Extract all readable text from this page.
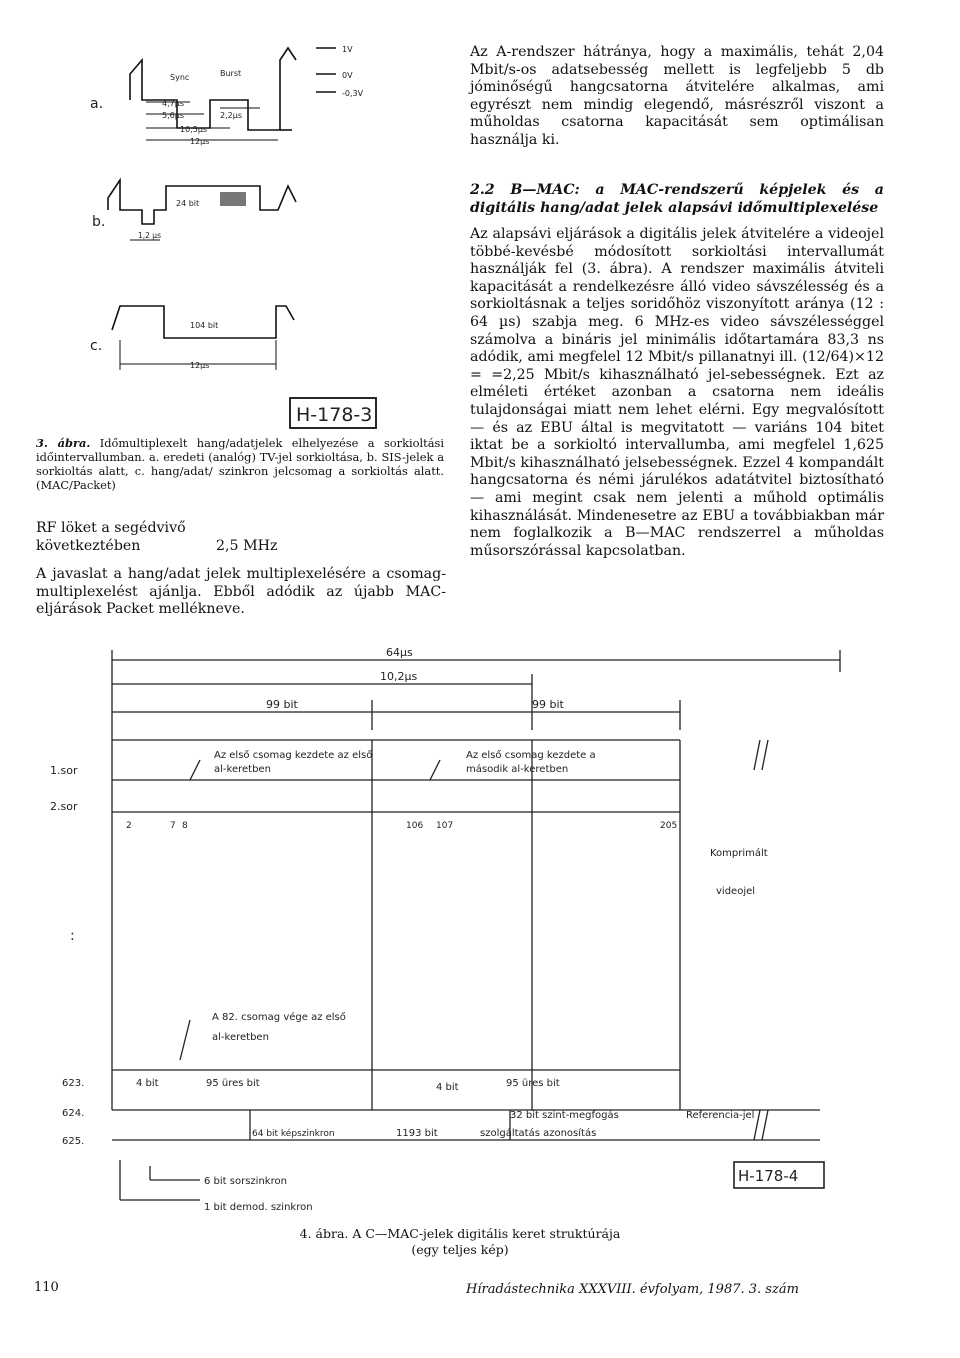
a.
Sync	Burst
1V
0V
-0,3V
4,7µs
5,6µs	2,2µs
10,5µs
12µs
b.
24 bit
1,2 µs
c.
104 bit
12µs
H-178-3
3. ábra. Időmultiplexelt hang/adatjelek elhelyezése a sorkioltási időintervallumban. a. eredeti (analóg) TV-jel sorkioltása, b. SIS-jelek a sorkioltás alatt, c. hang/adat/ szinkron jelcsomag a sorkioltás alatt. (MAC/Packet)
RF löket a segédvivő következtében	2,5 MHz
A javaslat a hang/adat jelek multiplexelésére a csomag-multiplexelést ajánlja. Ebből adódik az újabb MAC-eljárások Packet mellékneve.
Az A-rendszer hátránya, hogy a maximális, tehát 2,04 Mbit/s-os adatsebesség mellett is legfeljebb 5 db jóminőségű hangcsatorna átvitelére alkalmas, ami egyrészt nem mindig elegendő, másrészről viszont a műholdas csatorna kapacitását sem optimálisan használja ki.
2.2 B—MAC: a MAC-rendszerű képjelek és a digitális hang/adat jelek alapsávi időmultiplexelése
Az alapsávi eljárások a digitális jelek átvitelére a videojel többé-kevésbé módosított sorkioltási intervallumát használják fel (3. ábra). A rendszer maximális átviteli kapacitását a rendelkezésre álló video sávszélesség és a sorkioltásnak a teljes soridőhöz viszonyított aránya (12 : 64 µs) szabja meg. 6 MHz-es video sávszélességgel számolva a bináris jel minimális időtartamára 83,3 ns adódik, ami megfelel 12 Mbit/s pillanatnyi ill. (12/64)×12 = =2,25 Mbit/s kihasználható jel-sebességnek. Ezt az elméleti értéket azonban a csatorna nem ideális tulajdonságai miatt nem lehet elérni. Egy megvalósított — és az EBU által is megvitatott — variáns 104 bitet iktat be a sorkioltó intervallumba, ami megfelel 1,625 Mbit/s kihasználható jelsebességnek. Ezzel 4 kompandált hangcsatorna és némi járulékos adatátvitel biztosítható — ami megint csak nem jelenti a műhold optimális kihasználását. Mindenesetre az EBU a továbbiakban már nem foglalkozik a B—MAC rendszerrel a műholdas műsorszórással kapcsolatban.
64µs
10,2µs
99 bit	99 bit
1.sor
2.sor
Az első csomag kezdete az első
al-keretben
Az első csomag kezdete a
második al-keretben
2	7 8	106 107	205
Komprimált
videojel
:
A 82. csomag vége az első
al-keretben
623.
624.
625.
4 bit	95 üres bit	4 bit	95 üres bit
32 bit szint-megfogás	Referencia-jel
64 bit képszinkron	1193 bit	szolgáltatás azonosítás
6 bit sorszinkron
1 bit demod. szinkron
H-178-4
4. ábra. A C—MAC-jelek digitális keret struktúrája
(egy teljes kép)
110	Híradástechnika XXXVIII. évfolyam, 1987. 3. szám
